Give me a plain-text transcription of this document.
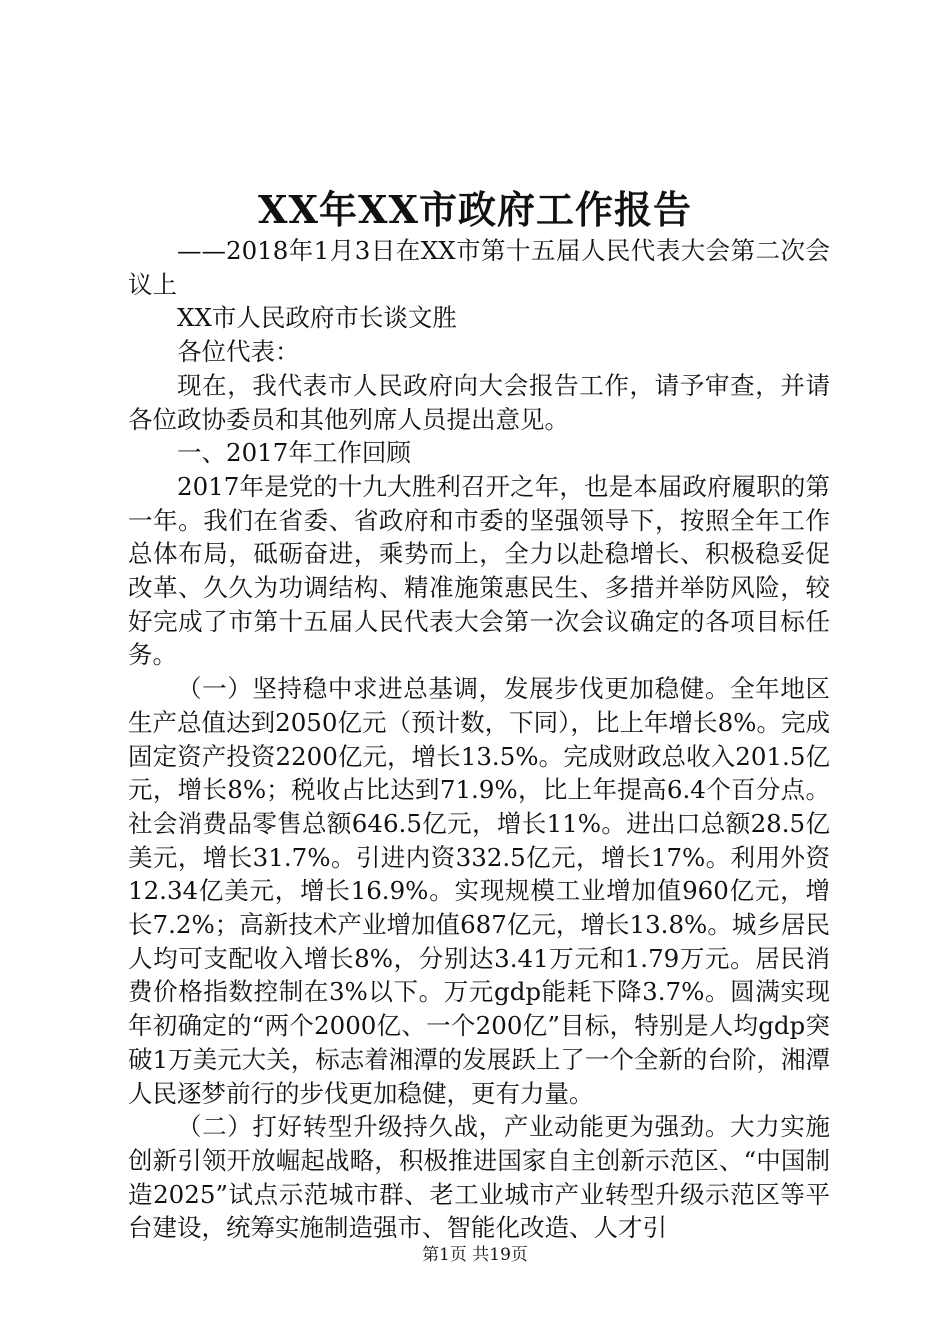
XX年XX市政府工作报告

——2018年1月3日在XX市第十五届人民代表大会第二次会议上

XX市人民政府市长谈文胜

各位代表：

现在，我代表市人民政府向大会报告工作，请予审查，并请各位政协委员和其他列席人员提出意见。

一、2017年工作回顾

2017年是党的十九大胜利召开之年，也是本届政府履职的第一年。我们在省委、省政府和市委的坚强领导下，按照全年工作总体布局，砥砺奋进，乘势而上，全力以赴稳增长、积极稳妥促改革、久久为功调结构、精准施策惠民生、多措并举防风险，较好完成了市第十五届人民代表大会第一次会议确定的各项目标任务。

（一）坚持稳中求进总基调，发展步伐更加稳健。全年地区生产总值达到2050亿元（预计数，下同），比上年增长8%。完成固定资产投资2200亿元，增长13.5%。完成财政总收入201.5亿元，增长8%；税收占比达到71.9%，比上年提高6.4个百分点。社会消费品零售总额646.5亿元，增长11%。进出口总额28.5亿美元，增长31.7%。引进内资332.5亿元，增长17%。利用外资12.34亿美元，增长16.9%。实现规模工业增加值960亿元，增长7.2%；高新技术产业增加值687亿元，增长13.8%。城乡居民人均可支配收入增长8%，分别达3.41万元和1.79万元。居民消费价格指数控制在3%以下。万元gdp能耗下降3.7%。圆满实现年初确定的“两个2000亿、一个200亿”目标，特别是人均gdp突破1万美元大关，标志着湘潭的发展跃上了一个全新的台阶，湘潭人民逐梦前行的步伐更加稳健，更有力量。

（二）打好转型升级持久战，产业动能更为强劲。大力实施创新引领开放崛起战略，积极推进国家自主创新示范区、“中国制造2025”试点示范城市群、老工业城市产业转型升级示范区等平台建设，统筹实施制造强市、智能化改造、人才引

第1页 共19页
